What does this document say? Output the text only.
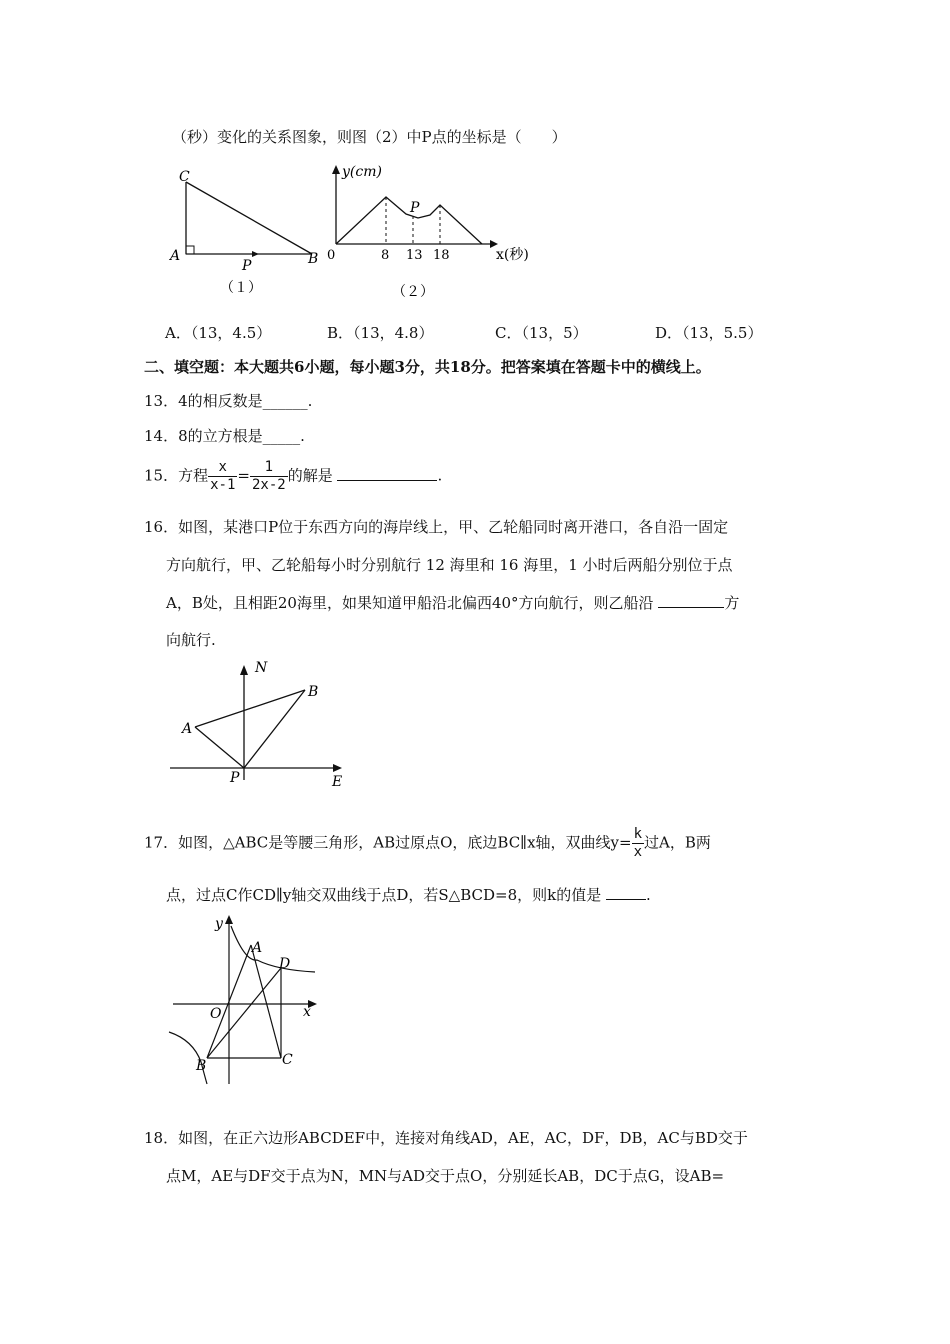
（秒）变化的关系图象，则图（2）中P点的坐标是（　　）
C
A	B
P
（１）
y(cm)
x(秒)
0	8 13 18
P
（２）
A．（13，4.5）	B．（13，4.8）	C．（13，5）	D．（13，5.5）
二、填空题：本大题共6小题，每小题3分，共18分。把答案填在答题卡中的横线上。
13．4的相反数是______.
14．8的立方根是_____.
15．方程 $\frac{x}{x-1} = \frac{1}{2x-2}$ 的解是	.
16．如图，某港口P位于东西方向的海岸线上，甲、乙轮船同时离开港口，各自沿一固定
方向航行，甲、乙轮船每小时分别航行 12 海里和 16 海里，1 小时后两船分别位于点
A，B处，且相距20海里，如果知道甲船沿北偏西40°方向航行，则乙船沿	方
向航行.
N
B
A
P	E
17．如图，△ABC是等腰三角形，AB过原点O，底边BC∥x轴，双曲线$y= \frac{k}{x}$ 过A，B两
点，过点C作CD∥y轴交双曲线于点D，若S△BCD=8，则k的值是	.
y
x
A
D
O
B	C
18．如图，在正六边形ABCDEF中，连接对角线AD，AE，AC，DF，DB，AC与BD交于
点M，AE与DF交于点为N，MN与AD交于点O，分别延长AB，DC于点G，设AB=
